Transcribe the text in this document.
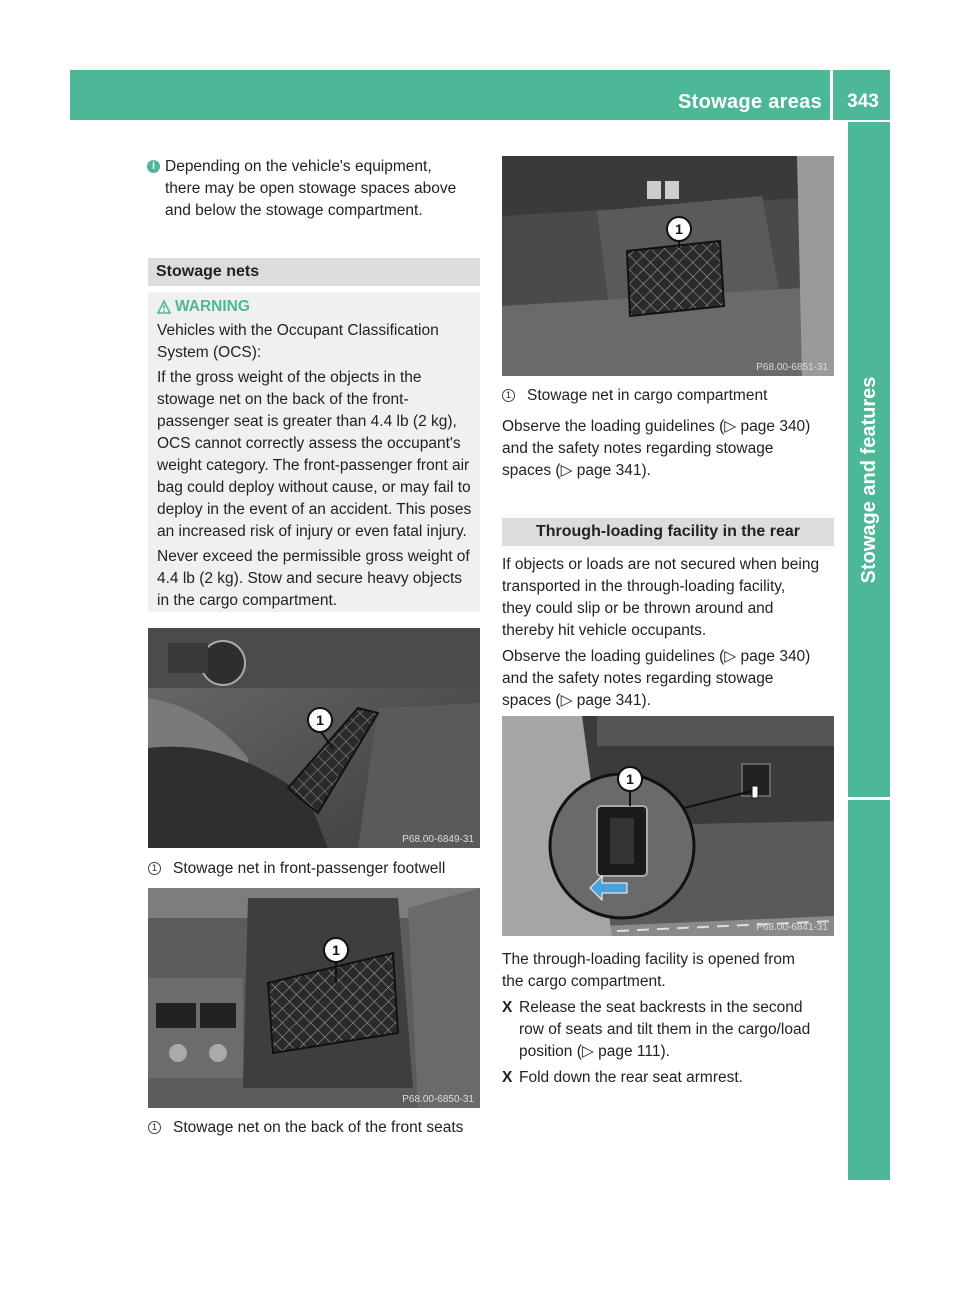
Stowage areas	343
Stowage and features
i Depending on the vehicle's equipment,

there may be open stowage spaces above

and below the stowage compartment.

Stowage nets
WARNING

Vehicles with the Occupant Classification

System (OCS):

If the gross weight of the objects in the

stowage net on the back of the front-

passenger seat is greater than 4.4 lb (2 kg),

OCS cannot correctly assess the occupant's

weight category. The front-passenger front air

bag could deploy without cause, or may fail to

deploy in the event of an accident. This poses

an increased risk of injury or even fatal injury.

Never exceed the permissible gross weight of

4.4 lb (2 kg). Stow and secure heavy objects

in the cargo compartment.

1
P68.00-6849-31
1 Stowage net in front-passenger footwell
1
P68.00-6850-31
1 Stowage net on the back of the front seats
1
P68.00-6851-31
1 Stowage net in cargo compartment

Observe the loading guidelines (▷ page 340)

and the safety notes regarding stowage

spaces (▷ page 341).

Through-loading facility in the rear

If objects or loads are not secured when being

transported in the through-loading facility,

they could slip or be thrown around and

thereby hit vehicle occupants.

Observe the loading guidelines (▷ page 340)

and the safety notes regarding stowage

spaces (▷ page 341).

1
P68.00-6841-31

The through-loading facility is opened from

the cargo compartment.

X Release the seat backrests in the second

row of seats and tilt them in the cargo/load

position (▷ page 111).

X Fold down the rear seat armrest.
